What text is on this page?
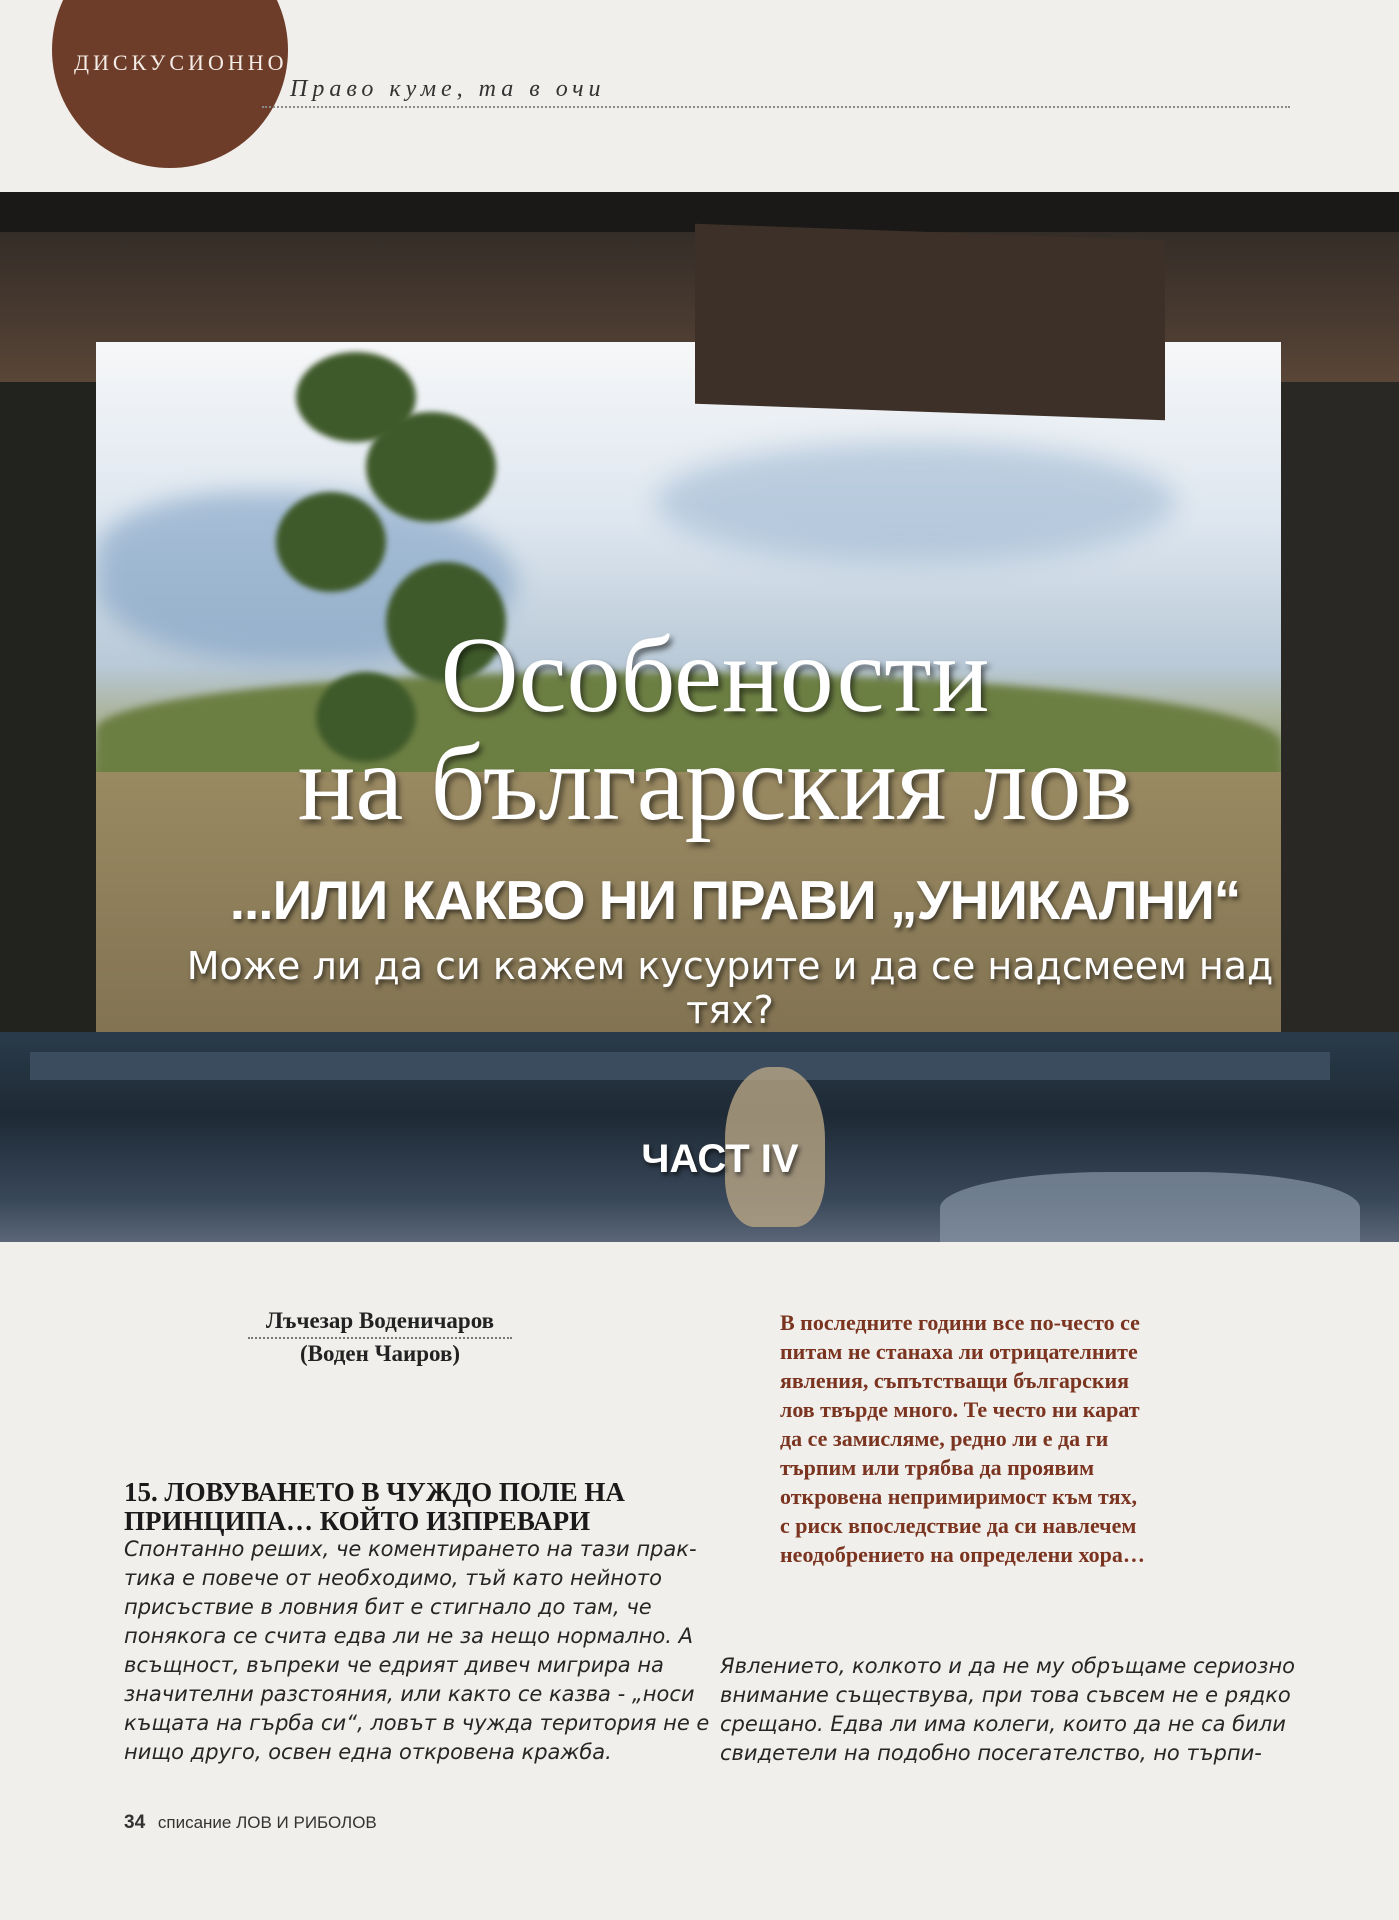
ДИСКУСИОННО
Право куме, та в очи
Особености
на българския лов
...ИЛИ КАКВО НИ ПРАВИ „УНИКАЛНИ“
Може ли да си кажем кусурите и да се надсмеем над тях?
ЧАСТ IV
Лъчезар Воденичаров
(Воден Чаиров)
В последните години все по-често се
питам не станаха ли отрицателните
явления, съпътстващи българския
лов твърде много. Те често ни карат
да се замисляме, редно ли е да ги
търпим или трябва да проявим
откровена непримиримост към тях,
с риск впоследствие да си навлечем
неодобрението на определени хора…
15. ЛОВУВАНЕТО В ЧУЖДО ПОЛЕ НА
ПРИНЦИПА… КОЙТО ИЗПРЕВАРИ
Спонтанно реших, че коментирането на тази прак-
тика е повече от необходимо, тъй като нейното
присъствие в ловния бит е стигнало до там, че
понякога се счита едва ли не за нещо нормално. А
всъщност, въпреки че едрият дивеч мигрира на
значителни разстояния, или както се казва - „носи
къщата на гърба си“, ловът в чужда територия не е
нищо друго, освен една откровена кражба.
Явлението, колкото и да не му обръщаме сериозно
внимание съществува, при това съвсем не е рядко
срещано. Едва ли има колеги, които да не са били
свидетели на подобно посегателство, но търпи-
34 списание ЛОВ И РИБОЛОВ
